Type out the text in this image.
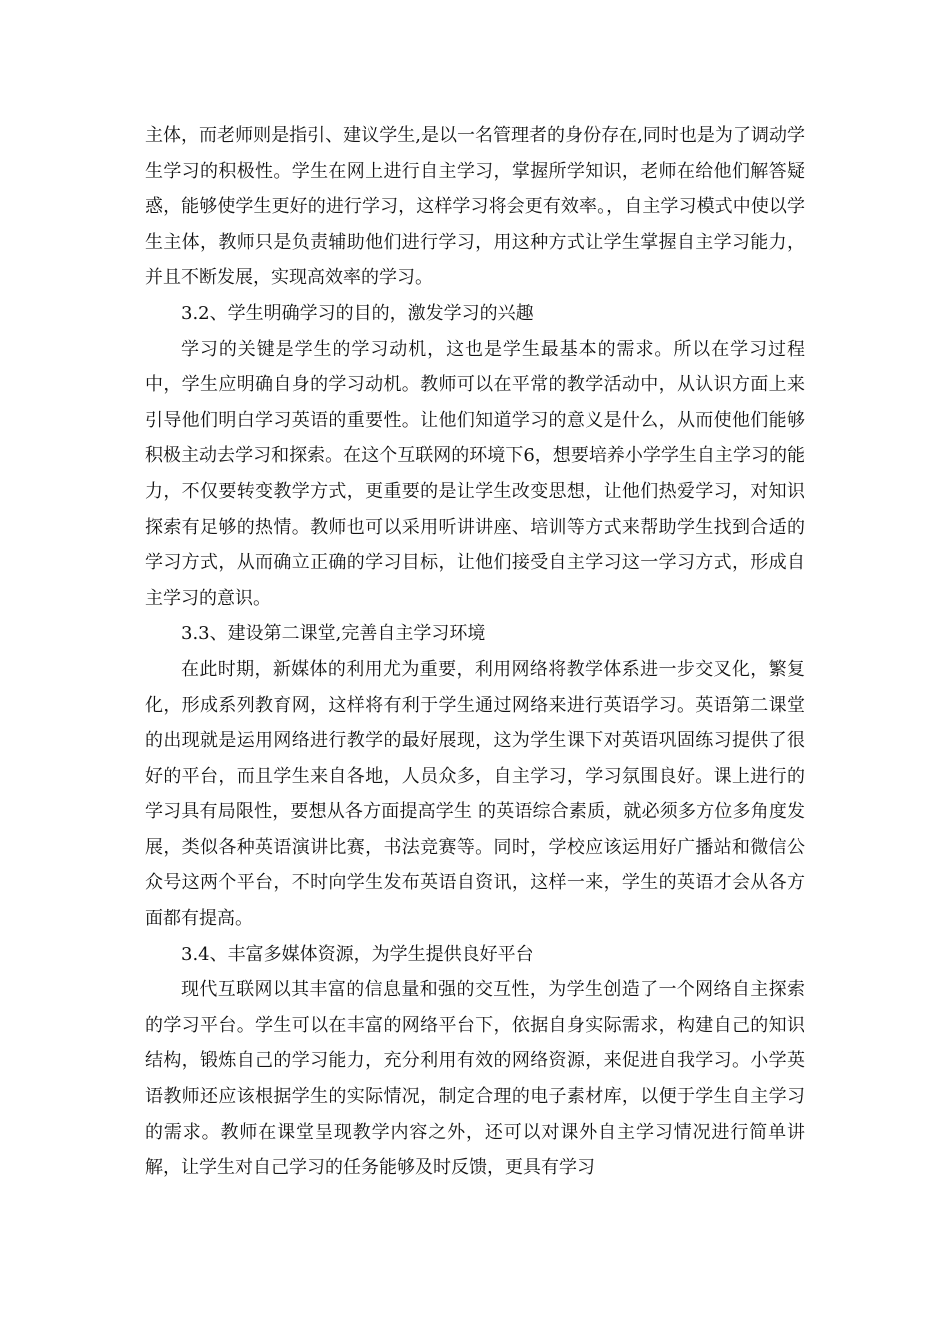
主体，而老师则是指引、建议学生,是以一名管理者的身份存在,同时也是为了调动学生学习的积极性。学生在网上进行自主学习，掌握所学知识，老师在给他们解答疑惑，能够使学生更好的进行学习，这样学习将会更有效率。，自主学习模式中使以学生主体，教师只是负责辅助他们进行学习，用这种方式让学生掌握自主学习能力，并且不断发展，实现高效率的学习。

3.2、学生明确学习的目的，激发学习的兴趣

学习的关键是学生的学习动机，这也是学生最基本的需求。所以在学习过程中，学生应明确自身的学习动机。教师可以在平常的教学活动中，从认识方面上来引导他们明白学习英语的重要性。让他们知道学习的意义是什么，从而使他们能够积极主动去学习和探索。在这个互联网的环境下6，想要培养小学学生自主学习的能力，不仅要转变教学方式，更重要的是让学生改变思想，让他们热爱学习，对知识探索有足够的热情。教师也可以采用听讲讲座、培训等方式来帮助学生找到合适的学习方式，从而确立正确的学习目标，让他们接受自主学习这一学习方式，形成自主学习的意识。

3.3、建设第二课堂,完善自主学习环境

在此时期，新媒体的利用尤为重要，利用网络将教学体系进一步交叉化，繁复化，形成系列教育网，这样将有利于学生通过网络来进行英语学习。英语第二课堂的出现就是运用网络进行教学的最好展现，这为学生课下对英语巩固练习提供了很好的平台，而且学生来自各地，人员众多，自主学习，学习氛围良好。课上进行的学习具有局限性，要想从各方面提高学生 的英语综合素质，就必须多方位多角度发展，类似各种英语演讲比赛，书法竞赛等。同时，学校应该运用好广播站和微信公众号这两个平台，不时向学生发布英语自资讯，这样一来，学生的英语才会从各方面都有提高。

3.4、丰富多媒体资源，为学生提供良好平台

现代互联网以其丰富的信息量和强的交互性，为学生创造了一个网络自主探索的学习平台。学生可以在丰富的网络平台下，依据自身实际需求，构建自己的知识结构，锻炼自己的学习能力，充分利用有效的网络资源，来促进自我学习。小学英语教师还应该根据学生的实际情况，制定合理的电子素材库，以便于学生自主学习的需求。教师在课堂呈现教学内容之外，还可以对课外自主学习情况进行简单讲解，让学生对自己学习的任务能够及时反馈，更具有学习
